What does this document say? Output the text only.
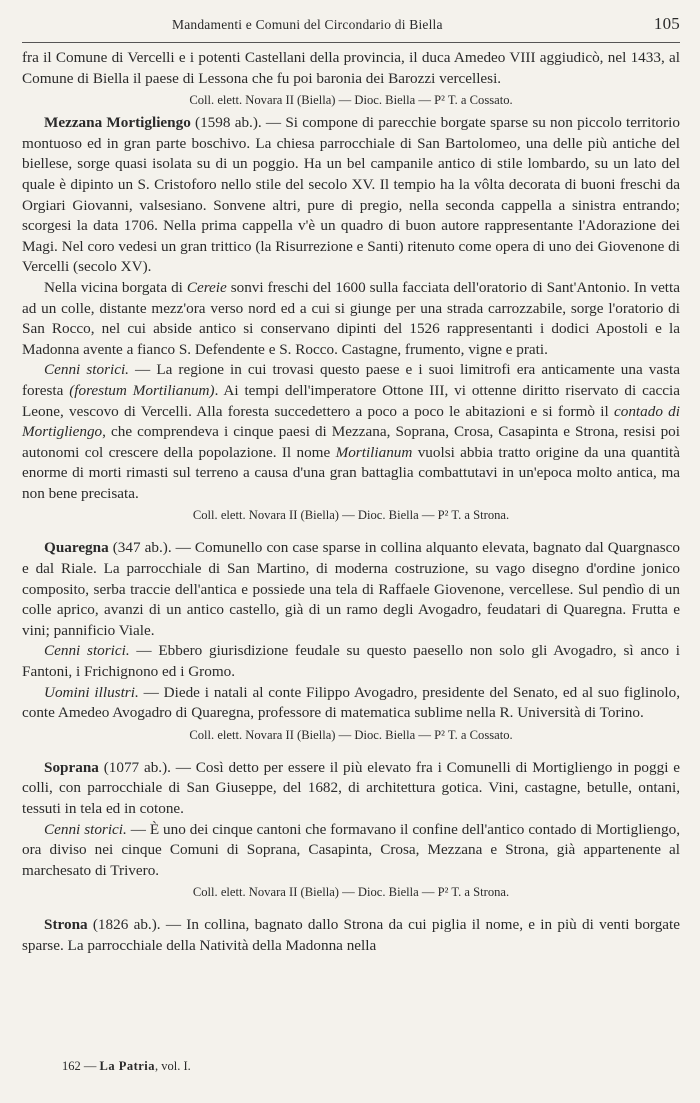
Mandamenti e Comuni del Circondario di Biella	105

fra il Comune di Vercelli e i potenti Castellani della provincia, il duca Amedeo VIII aggiudicò, nel 1433, al Comune di Biella il paese di Lessona che fu poi baronia dei Barozzi vercellesi.

Coll. elett. Novara II (Biella) — Dioc. Biella — P² T. a Cossato.

Mezzana Mortigliengo (1598 ab.). — Si compone di parecchie borgate sparse su non piccolo territorio montuoso ed in gran parte boschivo. La chiesa parrocchiale di San Bartolomeo, una delle più antiche del biellese, sorge quasi isolata su di un poggio. Ha un bel campanile antico di stile lombardo, su un lato del quale è dipinto un S. Cristoforo nello stile del secolo XV. Il tempio ha la vôlta decorata di buoni freschi da Orgiari Giovanni, valsesiano. Sonvene altri, pure di pregio, nella seconda cappella a sinistra entrando; scorgesi la data 1706. Nella prima cappella v'è un quadro di buon autore rappresentante l'Adorazione dei Magi. Nel coro vedesi un gran trittico (la Risurrezione e Santi) ritenuto come opera di uno dei Giovenone di Vercelli (secolo XV).

Nella vicina borgata di Cereie sonvi freschi del 1600 sulla facciata dell'oratorio di Sant'Antonio. In vetta ad un colle, distante mezz'ora verso nord ed a cui si giunge per una strada carrozzabile, sorge l'oratorio di San Rocco, nel cui abside antico si conservano dipinti del 1526 rappresentanti i dodici Apostoli e la Madonna avente a fianco S. Defendente e S. Rocco. Castagne, frumento, vigne e prati.

Cenni storici. — La regione in cui trovasi questo paese e i suoi limitrofi era anticamente una vasta foresta (forestum Mortilianum). Ai tempi dell'imperatore Ottone III, vi ottenne diritto riservato di caccia Leone, vescovo di Vercelli. Alla foresta succedettero a poco a poco le abitazioni e si formò il contado di Mortigliengo, che comprendeva i cinque paesi di Mezzana, Soprana, Crosa, Casapinta e Strona, resisi poi autonomi col crescere della popolazione. Il nome Mortilianum vuolsi abbia tratto origine da una quantità enorme di morti rimasti sul terreno a causa d'una gran battaglia combattutavi in un'epoca molto antica, ma non bene precisata.

Coll. elett. Novara II (Biella) — Dioc. Biella — P² T. a Strona.

Quaregna (347 ab.). — Comunello con case sparse in collina alquanto elevata, bagnato dal Quargnasco e dal Riale. La parrocchiale di San Martino, di moderna costruzione, su vago disegno d'ordine jonico composito, serba traccie dell'antica e possiede una tela di Raffaele Giovenone, vercellese. Sul pendìo di un colle aprico, avanzi di un antico castello, già di un ramo degli Avogadro, feudatari di Quaregna. Frutta e vini; pannificio Viale.

Cenni storici. — Ebbero giurisdizione feudale su questo paesello non solo gli Avogadro, sì anco i Fantoni, i Frichignono ed i Gromo.

Uomini illustri. — Diede i natali al conte Filippo Avogadro, presidente del Senato, ed al suo figlinolo, conte Amedeo Avogadro di Quaregna, professore di matematica sublime nella R. Università di Torino.

Coll. elett. Novara II (Biella) — Dioc. Biella — P² T. a Cossato.

Soprana (1077 ab.). — Così detto per essere il più elevato fra i Comunelli di Mortigliengo in poggi e colli, con parrocchiale di San Giuseppe, del 1682, di architettura gotica. Vini, castagne, betulle, ontani, tessuti in tela ed in cotone.

Cenni storici. — È uno dei cinque cantoni che formavano il confine dell'antico contado di Mortigliengo, ora diviso nei cinque Comuni di Soprana, Casapinta, Crosa, Mezzana e Strona, già appartenente al marchesato di Trivero.

Coll. elett. Novara II (Biella) — Dioc. Biella — P² T. a Strona.

Strona (1826 ab.). — In collina, bagnato dallo Strona da cui piglia il nome, e in più di venti borgate sparse. La parrocchiale della Natività della Madonna nella

162 — La Patria, vol. I.
